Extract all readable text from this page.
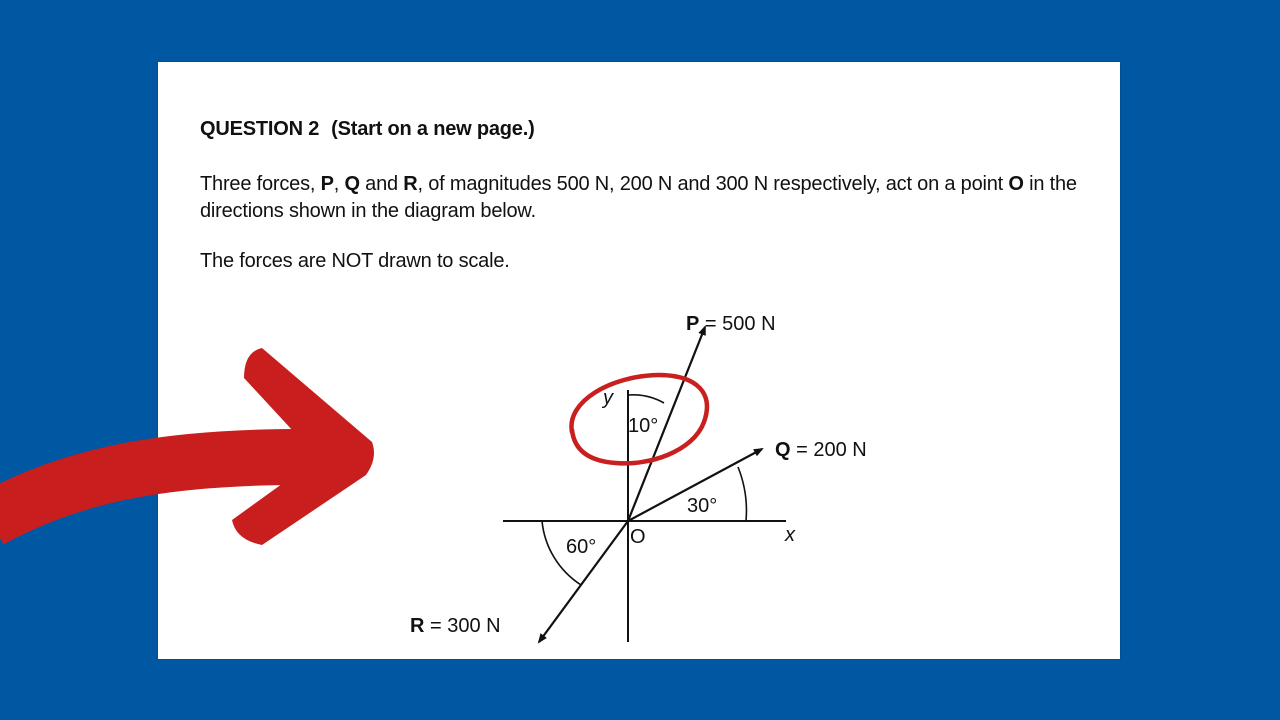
QUESTION 2 (Start on a new page.)
Three forces, P, Q and R, of magnitudes 500 N, 200 N and 300 N respectively, act on a point O in the directions shown in the diagram below.
The forces are NOT drawn to scale.
P = 500 N
Q = 200 N
R = 300 N
x
y
O
10°
30°
60°
